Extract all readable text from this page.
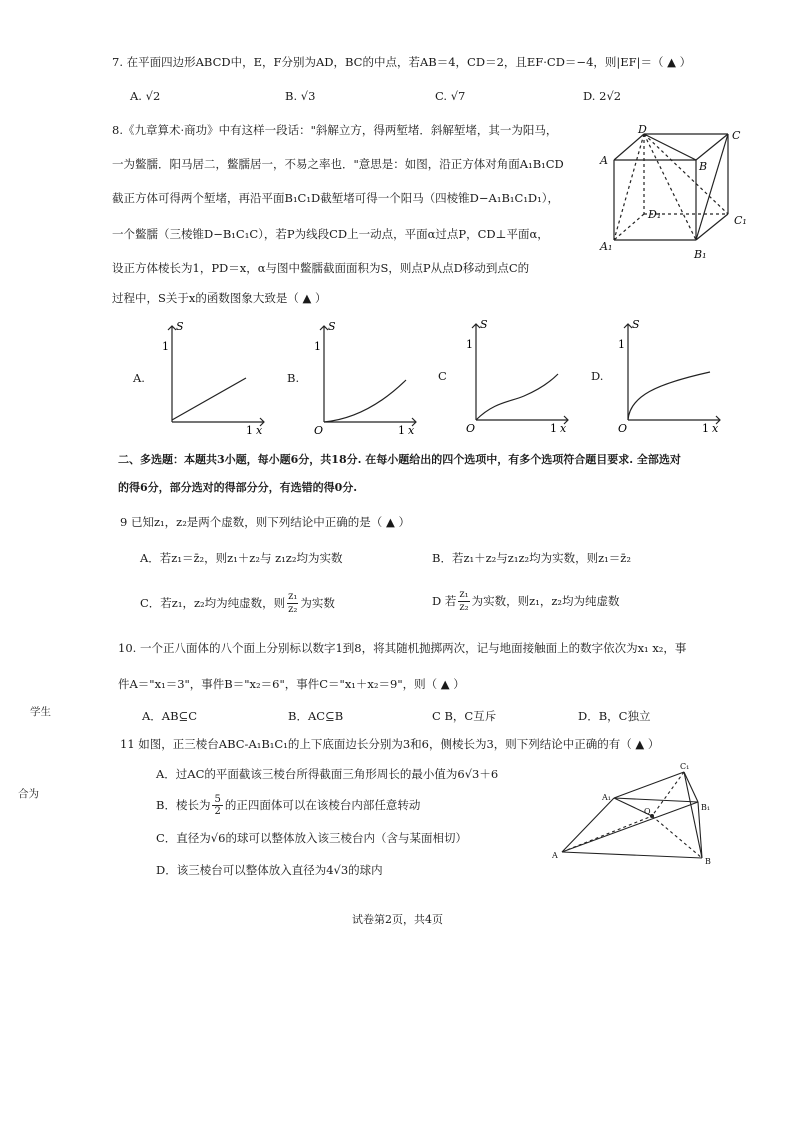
7. 在平面四边形ABCD中，E，F分别为AD，BC的中点，若AB＝4，CD＝2，且EF·CD＝−4，则|EF|＝（ ▲ ）
A. √2	B. √3	C. √7	D. 2√2
8.《九章算术·商功》中有这样一段话："斜解立方，得两堑堵．斜解堑堵，其一为阳马，
一为鳖臑．阳马居二，鳖臑居一，不易之率也．"意思是：如图，沿正方体对角面A₁B₁CD
截正方体可得两个堑堵，再沿平面B₁C₁D截堑堵可得一个阳马（四棱锥D−A₁B₁C₁D₁），
一个鳖臑（三棱锥D−B₁C₁C），若P为线段CD上一动点，平面α过点P，CD⊥平面α，
设正方体棱长为1，PD＝x，α与图中鳖臑截面面积为S，则点P从点D移动到点C的
过程中，S关于x的函数图象大致是（ ▲ ）
A	B
C
D
A₁
B₁
C₁
D₁
A.	B.	C	D.
S
1
1 x
S
1
O	1 x
S
1
O	1 x
S
1
O	1 x
二、多选题：本题共3小题，每小题6分，共18分. 在每小题给出的四个选项中，有多个选项符合题目要求. 全部选对
的得6分，部分选对的得部分分，有选错的得0分.
9 已知z₁，z₂是两个虚数，则下列结论中正确的是（ ▲ ）
A．若z₁＝z̄₂，则z₁＋z₂与 z₁z₂均为实数	B．若z₁＋z₂与z₁z₂均为实数，则z₁＝z̄₂
C．若z₁，z₂均为纯虚数，则 $\frac{\text{z₁}}{\text{z₂}}$ 为实数	D 若 $\frac{\text{z₁}}{\text{z₂}}$ 为实数，则z₁，z₂均为纯虚数
10. 一个正八面体的八个面上分别标以数字1到8，将其随机抛掷两次，记与地面接触面上的数字依次为x₁ x₂，事
件A＝"x₁＝3"，事件B＝"x₂＝6"，事件C＝"x₁＋x₂＝9"，则（ ▲ ）
A．AB⊆C	B．AC⊆B	C B，C互斥	D．B，C独立
学生
合为
11 如图，正三棱台ABC-A₁B₁C₁的上下底面边长分别为3和6，侧棱长为3，则下列结论中正确的有（ ▲ ）
A．过AC的平面截该三棱台所得截面三角形周长的最小值为6√3＋6
B．棱长为 $\frac{5}{2}$ 的正四面体可以在该棱台内部任意转动
C．直径为√6的球可以整体放入该三棱台内（含与某面相切）
D．该三棱台可以整体放入直径为4√3的球内
A
B
A₁
B₁
C₁
O
试卷第2页，共4页
